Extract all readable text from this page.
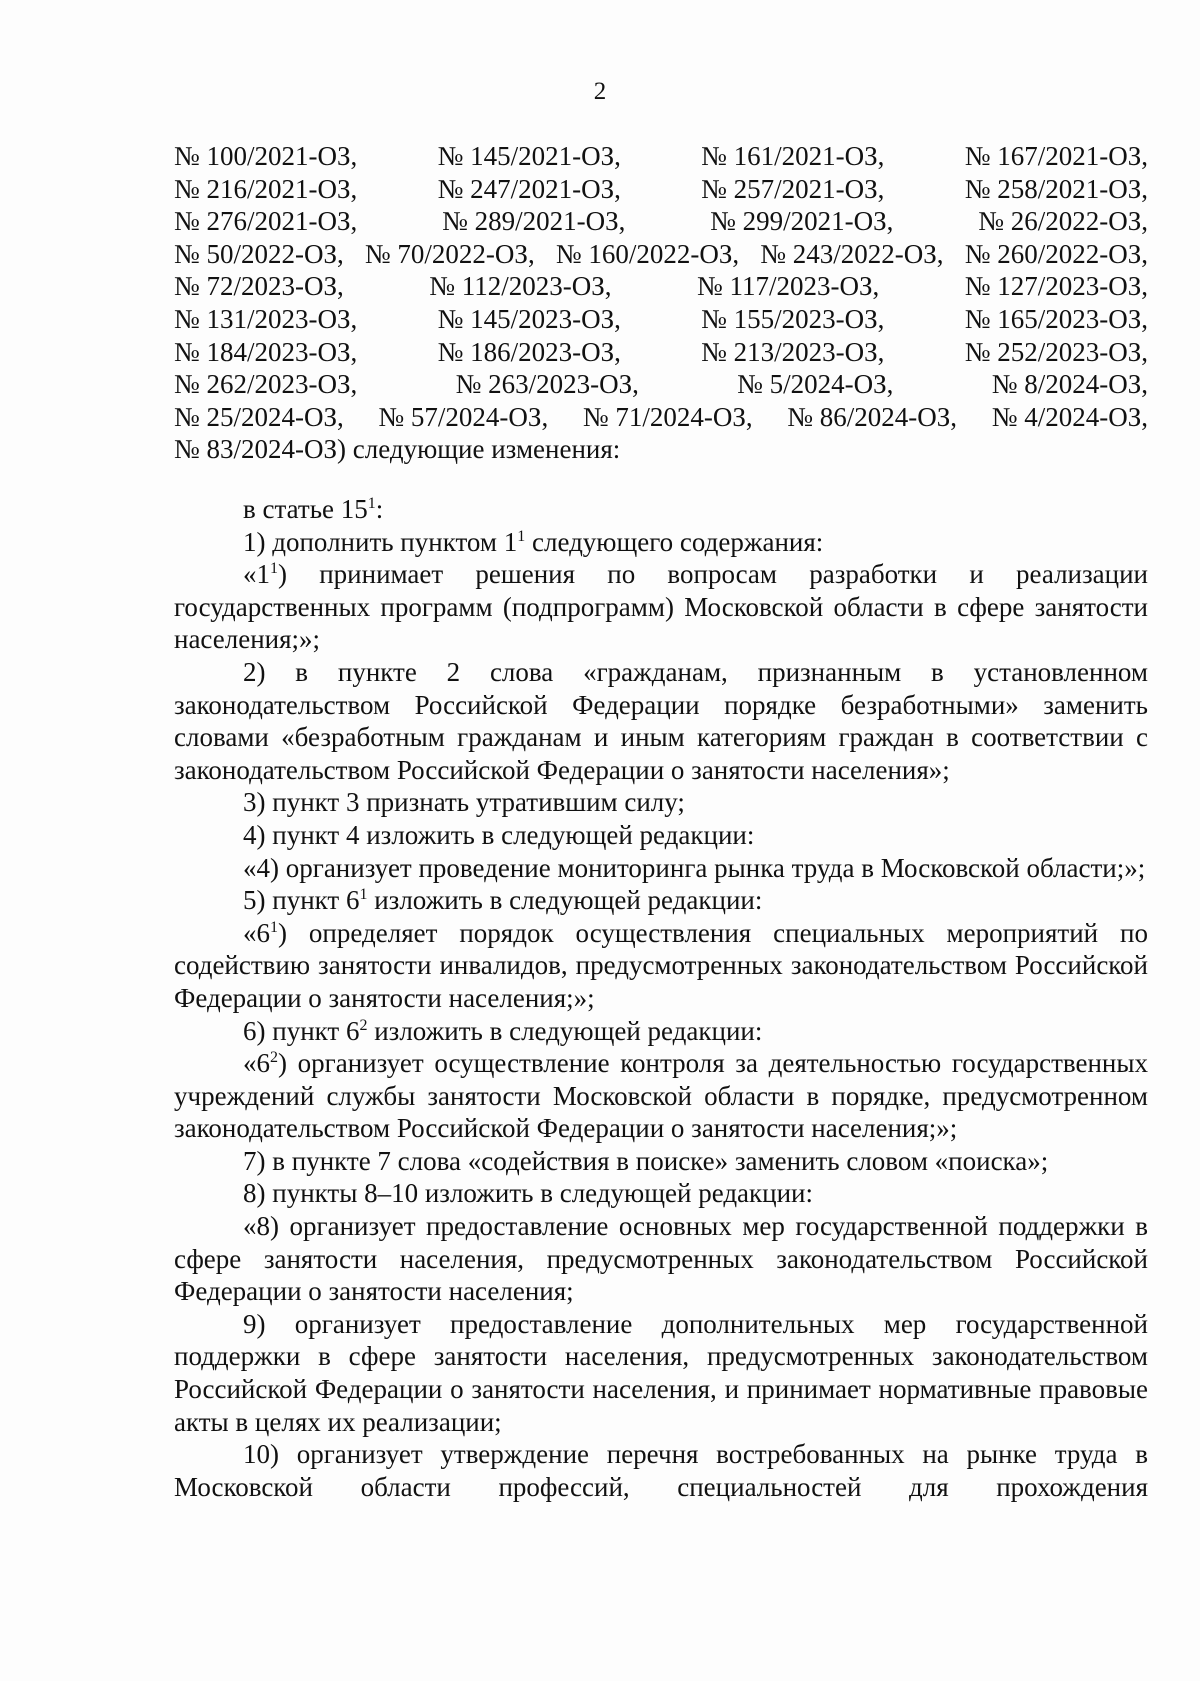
2
№ 100/2021-ОЗ,	№ 145/2021-ОЗ,	№ 161/2021-ОЗ,	№ 167/2021-ОЗ,
№ 216/2021-ОЗ,	№ 247/2021-ОЗ,	№ 257/2021-ОЗ,	№ 258/2021-ОЗ,
№ 276/2021-ОЗ,	№ 289/2021-ОЗ,	№ 299/2021-ОЗ,	№ 26/2022-ОЗ,
№ 50/2022-ОЗ, № 70/2022-ОЗ, № 160/2022-ОЗ, № 243/2022-ОЗ, № 260/2022-ОЗ,
№ 72/2023-ОЗ,	№ 112/2023-ОЗ,	№ 117/2023-ОЗ,	№ 127/2023-ОЗ,
№ 131/2023-ОЗ,	№ 145/2023-ОЗ,	№ 155/2023-ОЗ,	№ 165/2023-ОЗ,
№ 184/2023-ОЗ,	№ 186/2023-ОЗ,	№ 213/2023-ОЗ,	№ 252/2023-ОЗ,
№ 262/2023-ОЗ,	№ 263/2023-ОЗ,	№ 5/2024-ОЗ,	№ 8/2024-ОЗ,
№ 25/2024-ОЗ, № 57/2024-ОЗ, № 71/2024-ОЗ, № 86/2024-ОЗ, № 4/2024-ОЗ,
№ 83/2024-ОЗ) следующие изменения:

в статье $15^1$:

1) дополнить пунктом $1^1$ следующего содержания:

«$1^1$) принимает решения по вопросам разработки и реализации государственных программ (подпрограмм) Московской области в сфере занятости населения;»;

2) в пункте 2 слова «гражданам, признанным в установленном законодательством Российской Федерации порядке безработными» заменить словами «безработным гражданам и иным категориям граждан в соответствии с законодательством Российской Федерации о занятости населения»;

3) пункт 3 признать утратившим силу;

4) пункт 4 изложить в следующей редакции:

«4) организует проведение мониторинга рынка труда в Московской области;»;

5) пункт $6^1$ изложить в следующей редакции:

«$6^1$) определяет порядок осуществления специальных мероприятий по содействию занятости инвалидов, предусмотренных законодательством Российской Федерации о занятости населения;»;

6) пункт $6^2$ изложить в следующей редакции:

«$6^2$) организует осуществление контроля за деятельностью государственных учреждений службы занятости Московской области в порядке, предусмотренном законодательством Российской Федерации о занятости населения;»;

7) в пункте 7 слова «содействия в поиске» заменить словом «поиска»;

8) пункты 8–10 изложить в следующей редакции:

«8) организует предоставление основных мер государственной поддержки в сфере занятости населения, предусмотренных законодательством Российской Федерации о занятости населения;

9) организует предоставление дополнительных мер государственной поддержки в сфере занятости населения, предусмотренных законодательством Российской Федерации о занятости населения, и принимает нормативные правовые акты в целях их реализации;

10) организует утверждение перечня востребованных на рынке труда в Московской области профессий, специальностей для прохождения
